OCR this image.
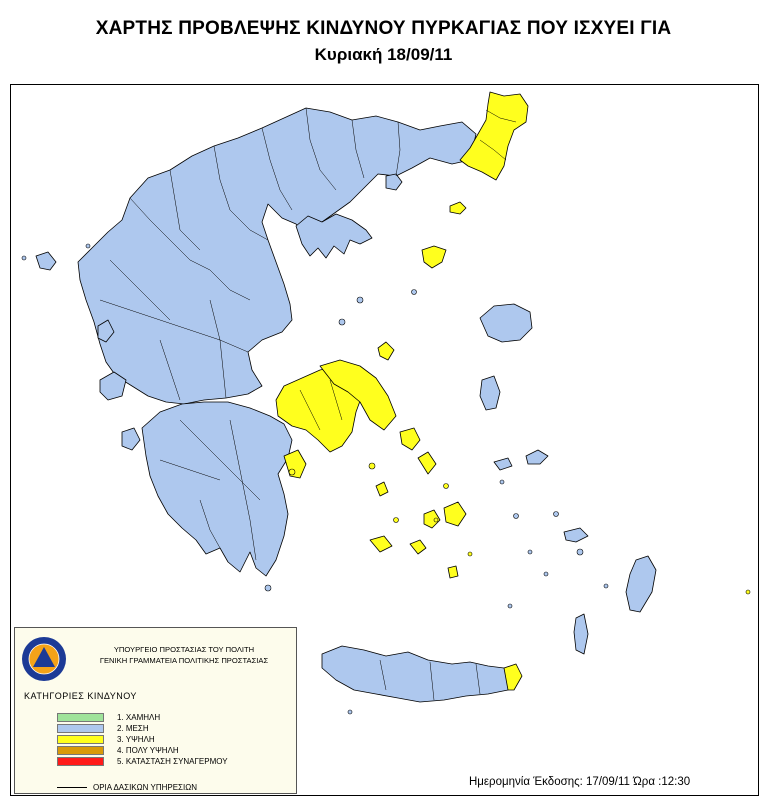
ΧΑΡΤΗΣ ΠΡΟΒΛΕΨΗΣ ΚΙΝΔΥΝΟΥ ΠΥΡΚΑΓΙΑΣ ΠΟΥ ΙΣΧΥΕΙ ΓΙΑ
Κυριακή 18/09/11
ΥΠΟΥΡΓΕΙΟ ΠΡΟΣΤΑΣΙΑΣ ΤΟΥ ΠΟΛΙΤΗ
ΓΕΝΙΚΗ ΓΡΑΜΜΑΤΕΙΑ ΠΟΛΙΤΙΚΗΣ ΠΡΟΣΤΑΣΙΑΣ
ΚΑΤΗΓΟΡΙΕΣ ΚΙΝΔΥΝΟΥ
1. ΧΑΜΗΛΗ
2. ΜΕΣΗ
3. ΥΨΗΛΗ
4. ΠΟΛΥ ΥΨΗΛΗ
5. ΚΑΤΑΣΤΑΣΗ ΣΥΝΑΓΕΡΜΟΥ
ΟΡΙΑ ΔΑΣΙΚΩΝ ΥΠΗΡΕΣΙΩΝ	Ημερομηνία Έκδοσης: 17/09/11 Ώρα :12:30
